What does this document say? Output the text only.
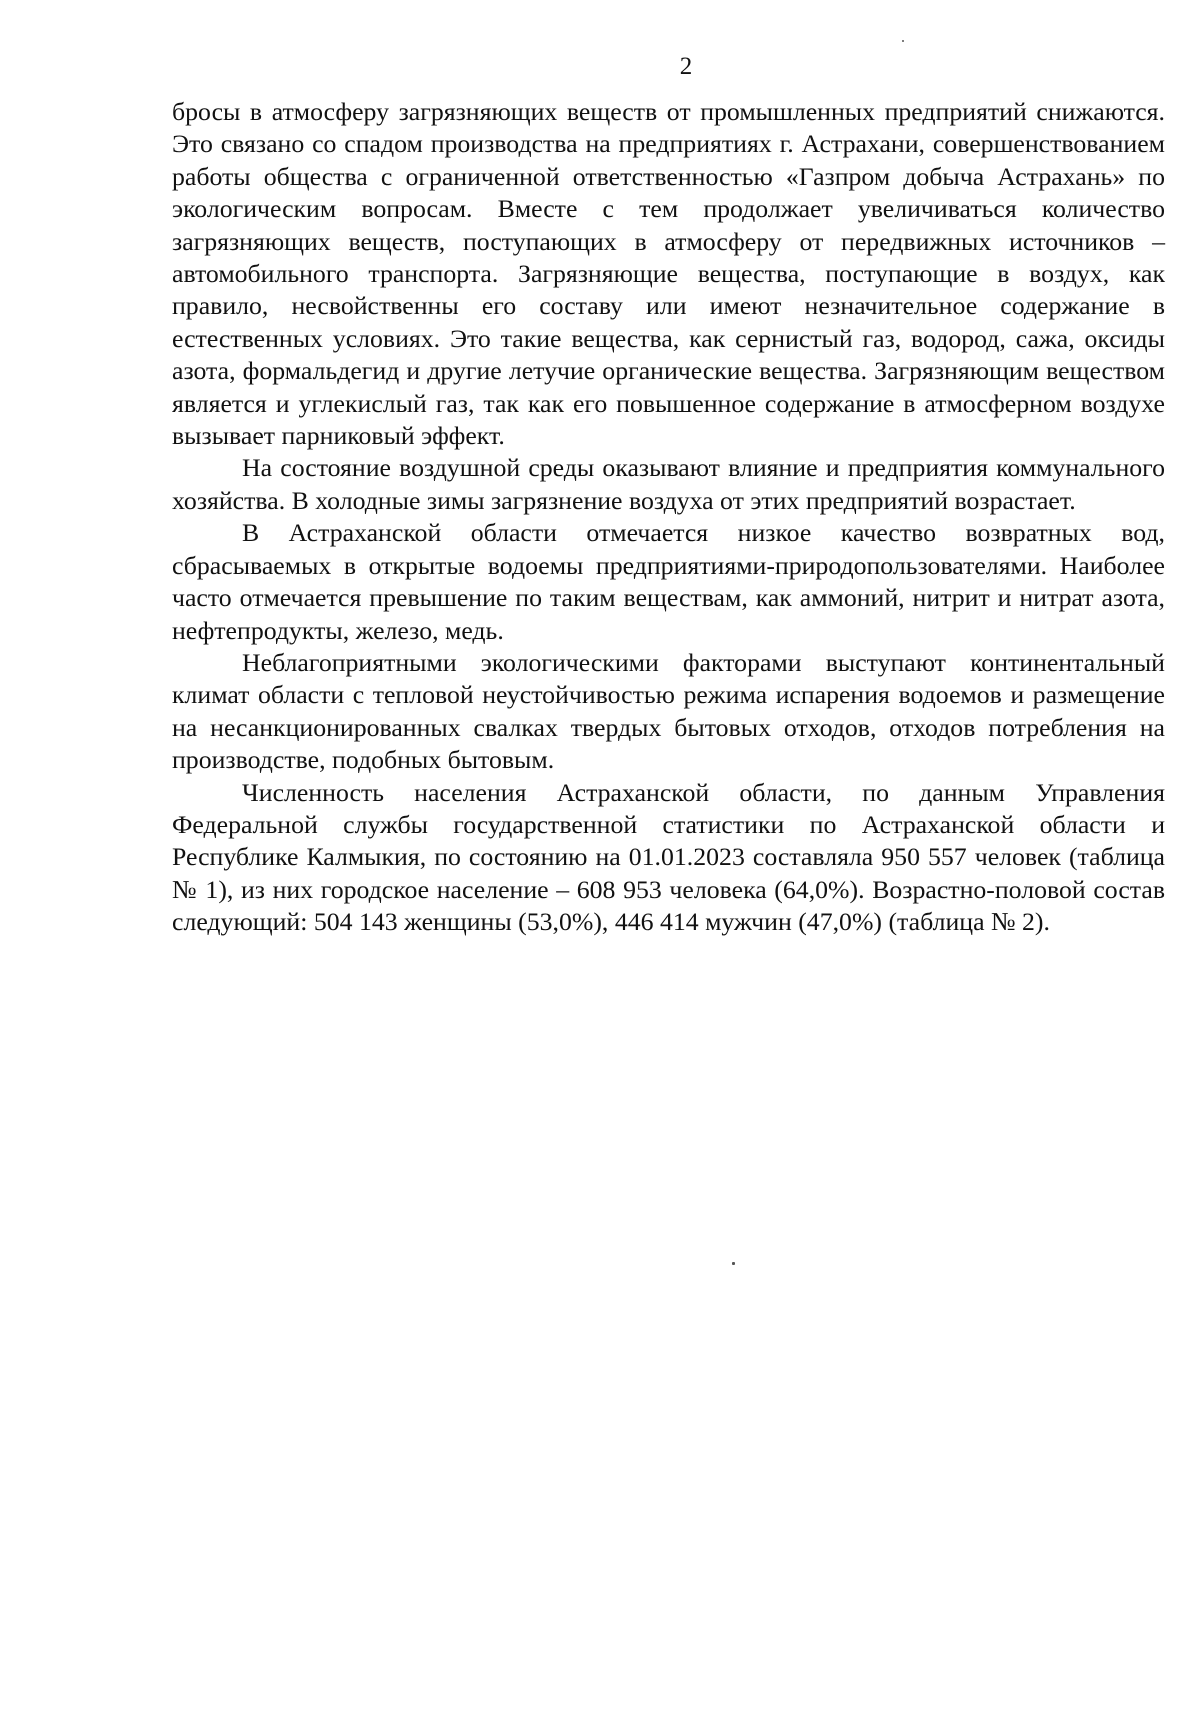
2

бросы в атмосферу загрязняющих веществ от промышленных предприятий снижаются. Это связано со спадом производства на предприятиях г. Астрахани, совершенствованием работы общества с ограниченной ответственностью «Газпром добыча Астрахань» по экологическим вопросам. Вместе с тем продолжает увеличиваться количество загрязняющих веществ, поступающих в атмосферу от передвижных источников – автомобильного транспорта. Загрязняющие вещества, поступающие в воздух, как правило, несвойственны его составу или имеют незначительное содержание в естественных условиях. Это такие вещества, как сернистый газ, водород, сажа, оксиды азота, формальдегид и другие летучие органические вещества. Загрязняющим веществом является и углекислый газ, так как его повышенное содержание в атмосферном воздухе вызывает парниковый эффект.

На состояние воздушной среды оказывают влияние и предприятия коммунального хозяйства. В холодные зимы загрязнение воздуха от этих предприятий возрастает.

В Астраханской области отмечается низкое качество возвратных вод, сбрасываемых в открытые водоемы предприятиями-природопользователями. Наиболее часто отмечается превышение по таким веществам, как аммоний, нитрит и нитрат азота, нефтепродукты, железо, медь.

Неблагоприятными экологическими факторами выступают континентальный климат области с тепловой неустойчивостью режима испарения водоемов и размещение на несанкционированных свалках твердых бытовых отходов, отходов потребления на производстве, подобных бытовым.

Численность населения Астраханской области, по данным Управления Федеральной службы государственной статистики по Астраханской области и Республике Калмыкия, по состоянию на 01.01.2023 составляла 950 557 человек (таблица № 1), из них городское население – 608 953 человека (64,0%). Возрастно-половой состав следующий: 504 143 женщины (53,0%), 446 414 мужчин (47,0%) (таблица № 2).
